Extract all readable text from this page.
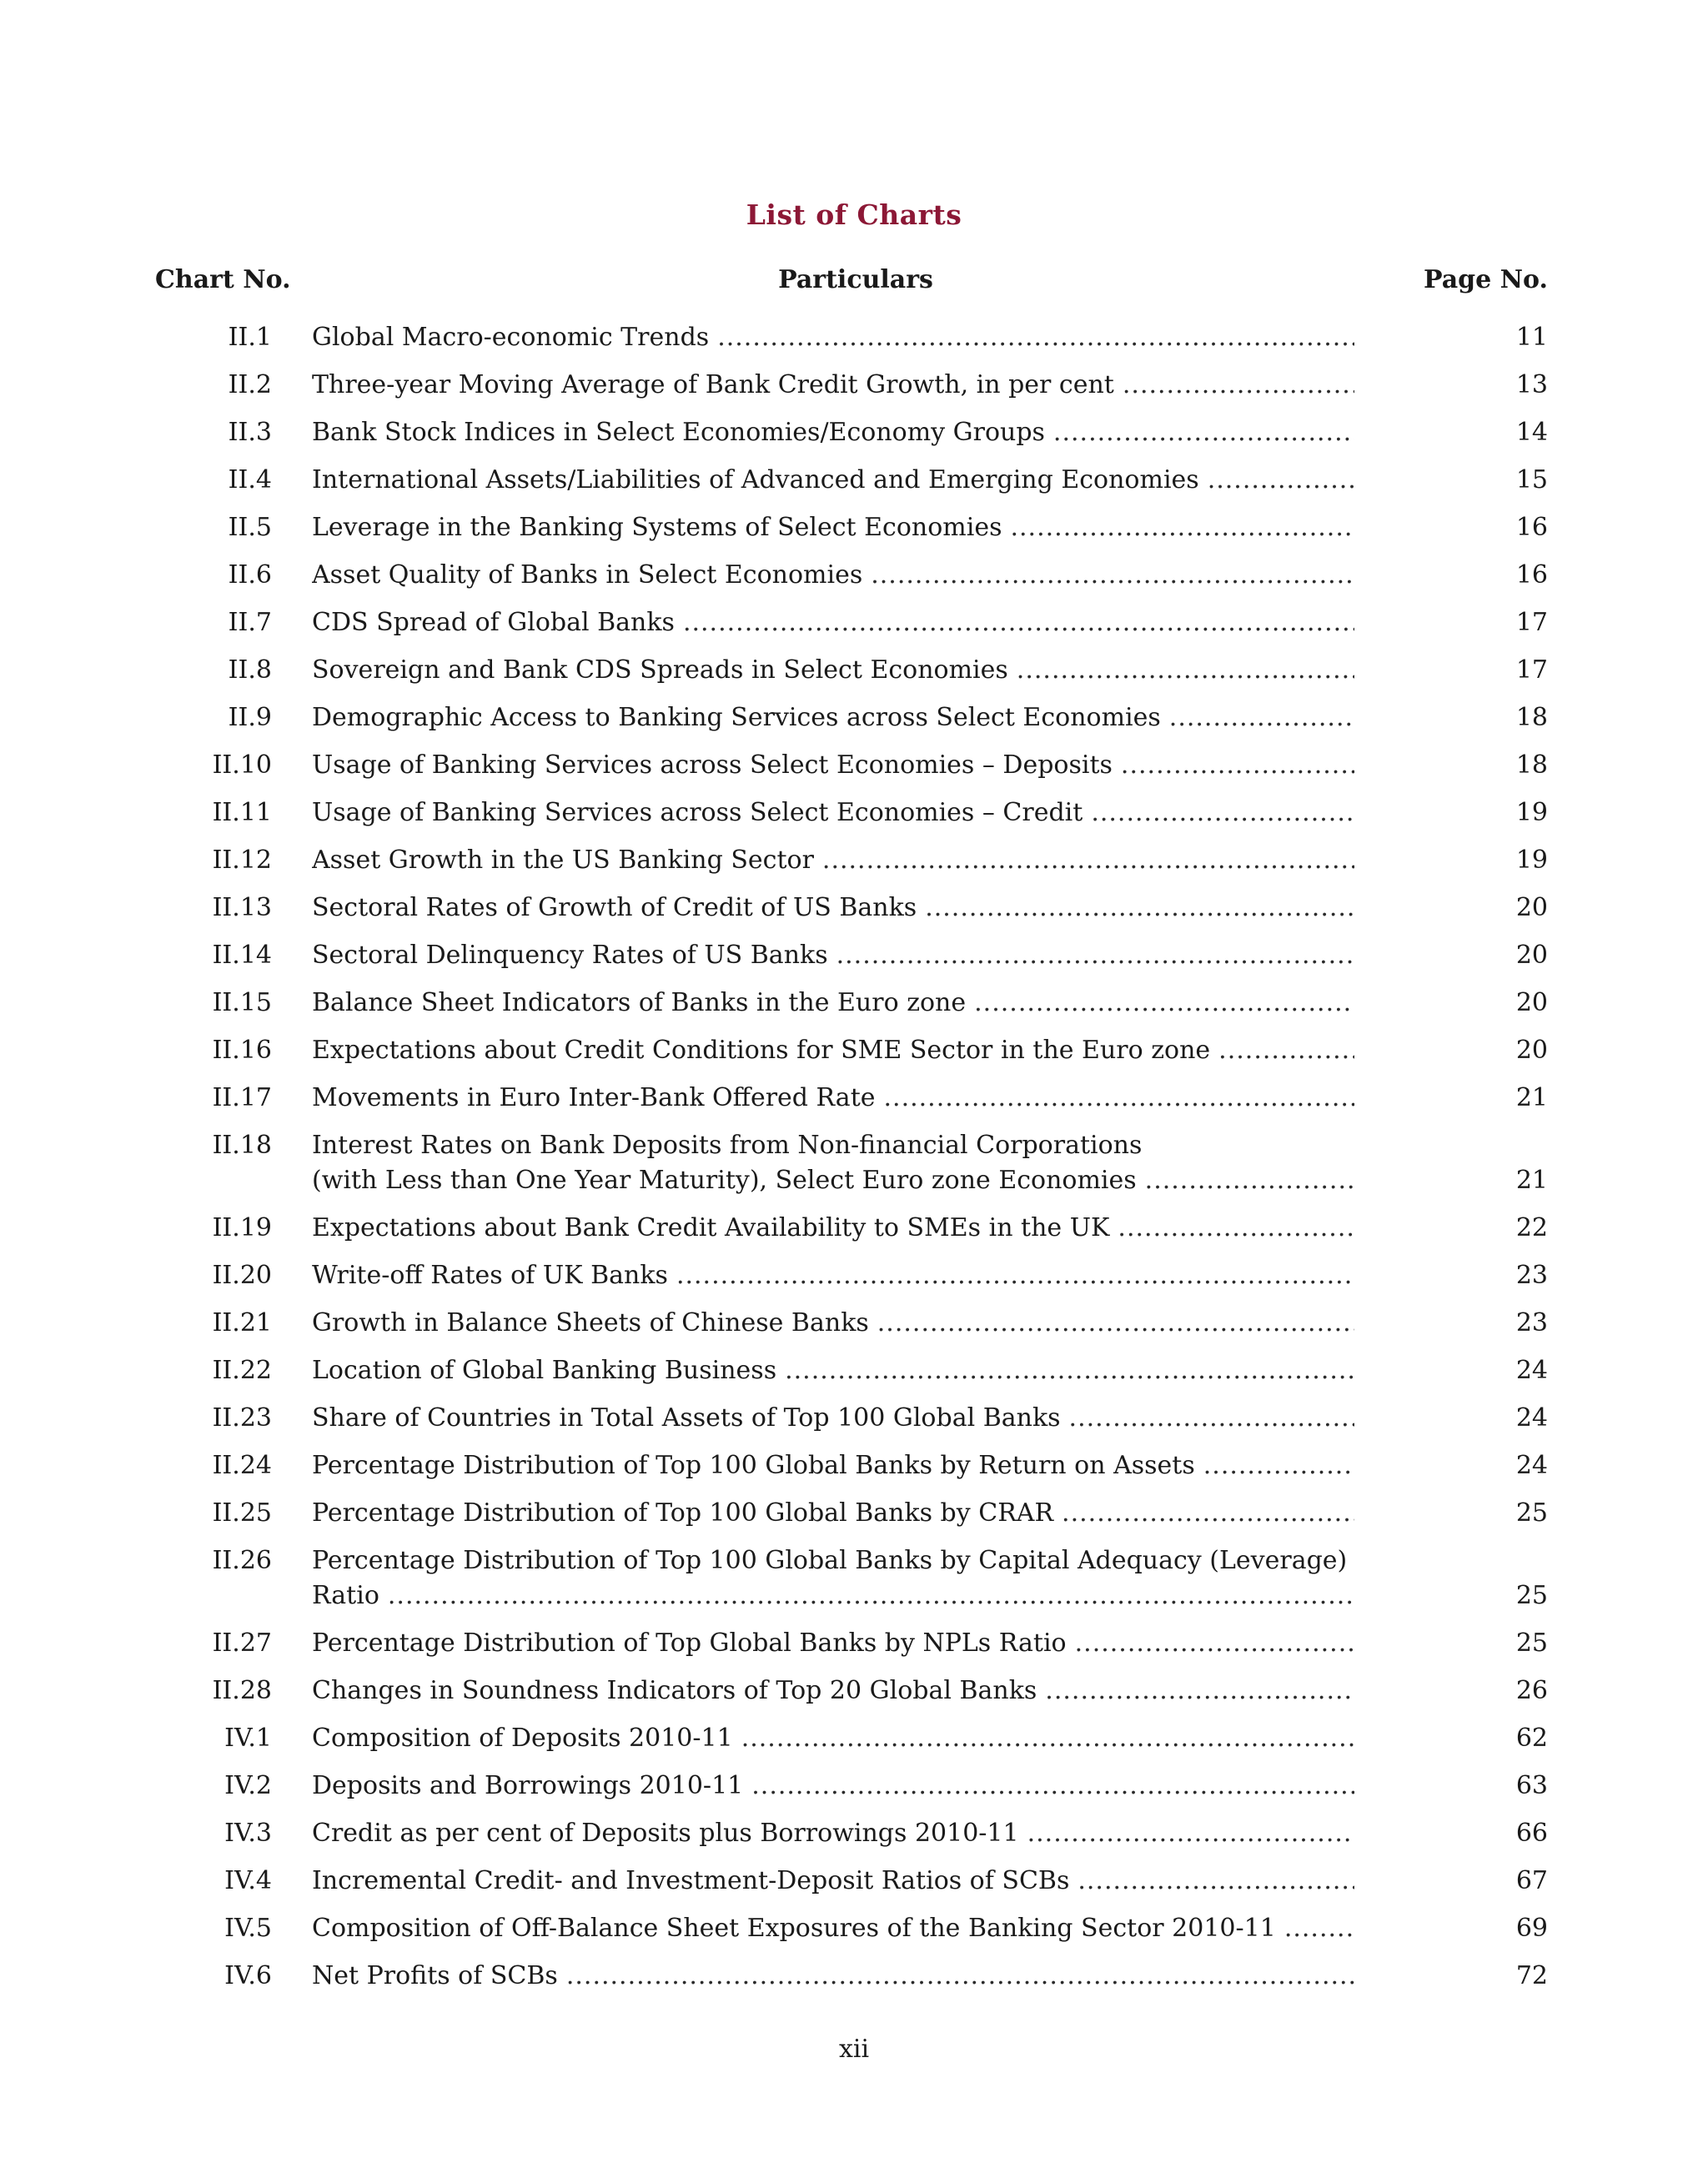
List of Charts
Chart No.	Particulars	Page No.
II.1 Global Macro-economic Trends .....	11
II.2 Three-year Moving Average of Bank Credit Growth, in per cent .....	13
II.3 Bank Stock Indices in Select Economies/Economy Groups .....	14
II.4 International Assets/Liabilities of Advanced and Emerging Economies .....	15
II.5 Leverage in the Banking Systems of Select Economies .....	16
II.6 Asset Quality of Banks in Select Economies .....	16
II.7 CDS Spread of Global Banks .....	17
II.8 Sovereign and Bank CDS Spreads in Select Economies .....	17
II.9 Demographic Access to Banking Services across Select Economies .....	18
II.10 Usage of Banking Services across Select Economies – Deposits .....	18
II.11 Usage of Banking Services across Select Economies – Credit .....	19
II.12 Asset Growth in the US Banking Sector .....	19
II.13 Sectoral Rates of Growth of Credit of US Banks .....	20
II.14 Sectoral Delinquency Rates of US Banks .....	20
II.15 Balance Sheet Indicators of Banks in the Euro zone .....	20
II.16 Expectations about Credit Conditions for SME Sector in the Euro zone .....	20
II.17 Movements in Euro Inter-Bank Offered Rate .....	21
II.18 Interest Rates on Bank Deposits from Non-financial Corporations
(with Less than One Year Maturity), Select Euro zone Economies .....	21
II.19 Expectations about Bank Credit Availability to SMEs in the UK .....	22
II.20 Write-off Rates of UK Banks .....	23
II.21 Growth in Balance Sheets of Chinese Banks .....	23
II.22 Location of Global Banking Business .....	24
II.23 Share of Countries in Total Assets of Top 100 Global Banks .....	24
II.24 Percentage Distribution of Top 100 Global Banks by Return on Assets .....	24
II.25 Percentage Distribution of Top 100 Global Banks by CRAR .....	25
II.26 Percentage Distribution of Top 100 Global Banks by Capital Adequacy (Leverage)
Ratio .....	25
II.27 Percentage Distribution of Top Global Banks by NPLs Ratio .....	25
II.28 Changes in Soundness Indicators of Top 20 Global Banks .....	26
IV.1 Composition of Deposits 2010-11 .....	62
IV.2 Deposits and Borrowings 2010-11 .....	63
IV.3 Credit as per cent of Deposits plus Borrowings 2010-11 .....	66
IV.4 Incremental Credit- and Investment-Deposit Ratios of SCBs .....	67
IV.5 Composition of Off-Balance Sheet Exposures of the Banking Sector 2010-11 .....	69
IV.6 Net Profits of SCBs .....	72
xii
